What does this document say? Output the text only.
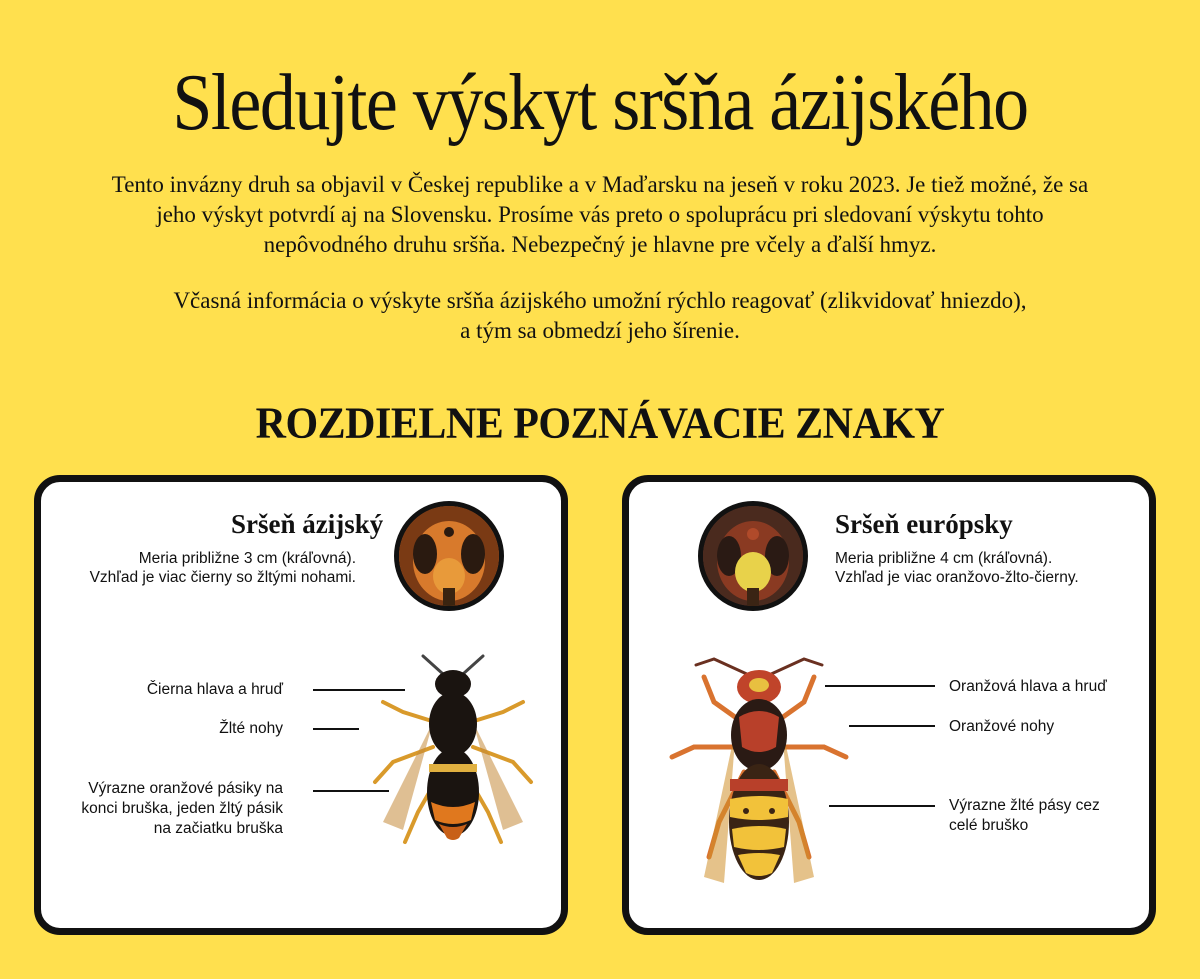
Sledujte výskyt sršňa ázijského

Tento invázny druh sa objavil v Českej republike a v Maďarsku na jeseň v roku 2023. Je tiež možné, že sa jeho výskyt potvrdí aj na Slovensku. Prosíme vás preto o spoluprácu pri sledovaní výskytu tohto nepôvodného druhu sršňa. Nebezpečný je hlavne pre včely a ďalší hmyz.

Včasná informácia o výskyte sršňa ázijského umožní rýchlo reagovať (zlikvidovať hniezdo),
a tým sa obmedzí jeho šírenie.

ROZDIELNE POZNÁVACIE ZNAKY
Sršeň ázijský

Meria približne 3 cm (kráľovná).
Vzhľad je viac čierny so žltými nohami.

Čierna hlava a hruď

Žlté nohy

Výrazne oranžové pásiky na
konci bruška, jeden žltý pásik
na začiatku bruška

Sršeň európsky

Meria približne 4 cm (kráľovná).
Vzhľad je viac oranžovo-žlto-čierny.

Oranžová hlava a hruď

Oranžové nohy

Výrazne žlté pásy cez
celé bruško
